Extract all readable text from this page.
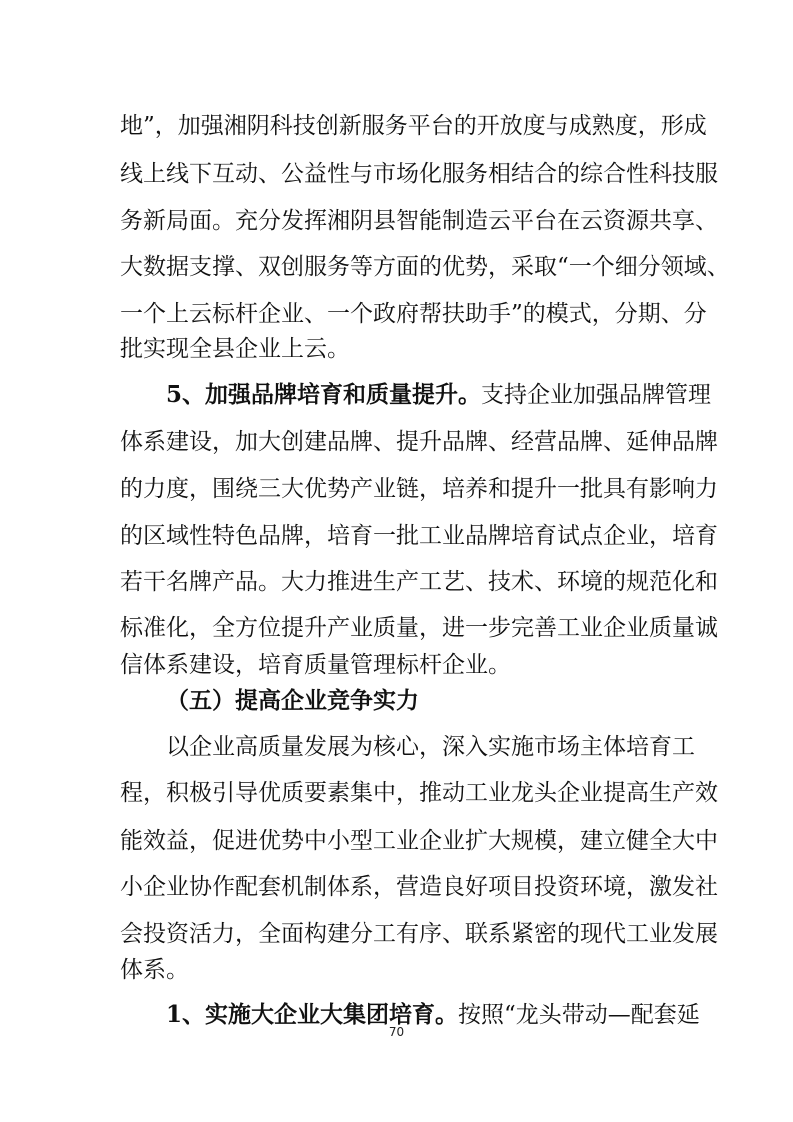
地”，加强湘阴科技创新服务平台的开放度与成熟度，形成
线上线下互动、公益性与市场化服务相结合的综合性科技服
务新局面。充分发挥湘阴县智能制造云平台在云资源共享、
大数据支撑、双创服务等方面的优势，采取“一个细分领域、
一个上云标杆企业、一个政府帮扶助手”的模式，分期、分
批实现全县企业上云。
5、加强品牌培育和质量提升。支持企业加强品牌管理
体系建设，加大创建品牌、提升品牌、经营品牌、延伸品牌
的力度，围绕三大优势产业链，培养和提升一批具有影响力
的区域性特色品牌，培育一批工业品牌培育试点企业，培育
若干名牌产品。大力推进生产工艺、技术、环境的规范化和
标准化，全方位提升产业质量，进一步完善工业企业质量诚
信体系建设，培育质量管理标杆企业。
（五）提高企业竞争实力
以企业高质量发展为核心，深入实施市场主体培育工
程，积极引导优质要素集中，推动工业龙头企业提高生产效
能效益，促进优势中小型工业企业扩大规模，建立健全大中
小企业协作配套机制体系，营造良好项目投资环境，激发社
会投资活力，全面构建分工有序、联系紧密的现代工业发展
体系。
1、实施大企业大集团培育。按照“龙头带动—配套延
70
